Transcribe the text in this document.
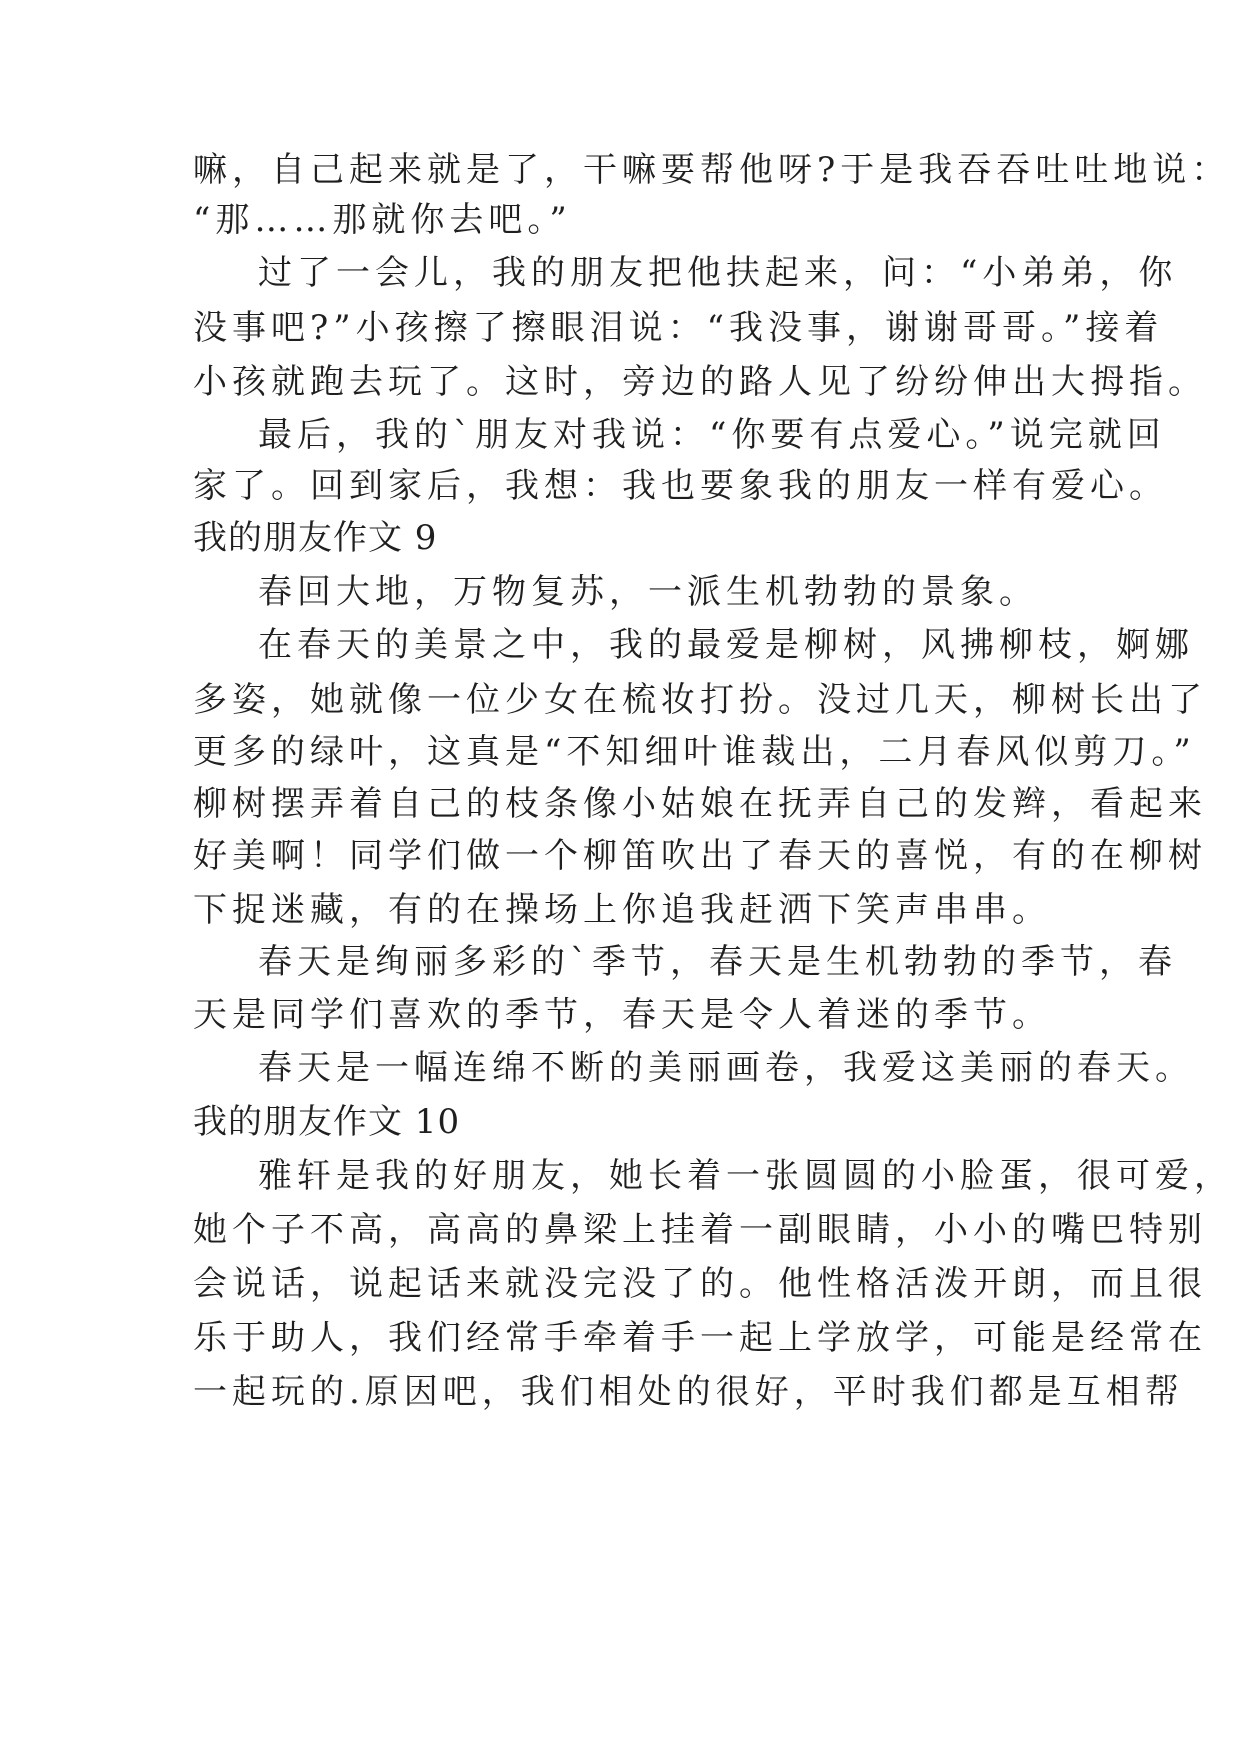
嘛，自己起来就是了，干嘛要帮他呀?于是我吞吞吐吐地说：
“那……那就你去吧。”
过了一会儿，我的朋友把他扶起来，问：“小弟弟，你
没事吧?”小孩擦了擦眼泪说：“我没事，谢谢哥哥。”接着
小孩就跑去玩了。这时，旁边的路人见了纷纷伸出大拇指。
最后，我的`朋友对我说：“你要有点爱心。”说完就回
家了。回到家后，我想：我也要象我的朋友一样有爱心。
我的朋友作文 9
春回大地，万物复苏，一派生机勃勃的景象。
在春天的美景之中，我的最爱是柳树，风拂柳枝，婀娜
多姿，她就像一位少女在梳妆打扮。没过几天，柳树长出了
更多的绿叶，这真是“不知细叶谁裁出，二月春风似剪刀。”
柳树摆弄着自己的枝条像小姑娘在抚弄自己的发辫，看起来
好美啊！同学们做一个柳笛吹出了春天的喜悦，有的在柳树
下捉迷藏，有的在操场上你追我赶洒下笑声串串。
春天是绚丽多彩的`季节，春天是生机勃勃的季节，春
天是同学们喜欢的季节，春天是令人着迷的季节。
春天是一幅连绵不断的美丽画卷，我爱这美丽的春天。
我的朋友作文 10
雅轩是我的好朋友，她长着一张圆圆的小脸蛋，很可爱，
她个子不高，高高的鼻梁上挂着一副眼睛，小小的嘴巴特别
会说话，说起话来就没完没了的。他性格活泼开朗，而且很
乐于助人，我们经常手牵着手一起上学放学，可能是经常在
一起玩的.原因吧，我们相处的很好，平时我们都是互相帮
